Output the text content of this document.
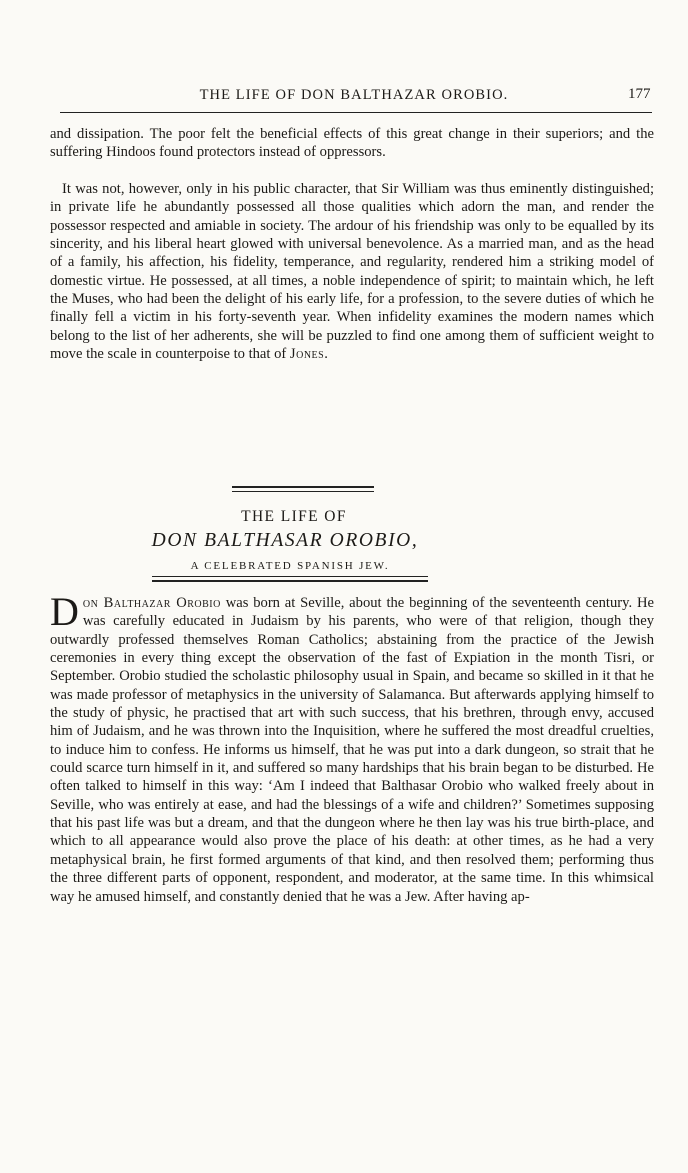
THE LIFE OF DON BALTHAZAR OROBIO.	177

and dissipation. The poor felt the beneficial effects of this great change in their superiors; and the suffering Hindoos found protectors instead of oppressors.

It was not, however, only in his public character, that Sir William was thus eminently distinguished; in private life he abundantly possessed all those qualities which adorn the man, and render the possessor respected and amiable in society. The ardour of his friendship was only to be equalled by its sincerity, and his liberal heart glowed with universal benevolence. As a married man, and as the head of a family, his affection, his fidelity, temperance, and regularity, rendered him a striking model of domestic virtue. He possessed, at all times, a noble independence of spirit; to maintain which, he left the Muses, who had been the delight of his early life, for a profession, to the severe duties of which he finally fell a victim in his forty-seventh year. When infidelity examines the modern names which belong to the list of her adherents, she will be puzzled to find one among them of sufficient weight to move the scale in counterpoise to that of Jones.

THE LIFE OF
DON BALTHASAR OROBIO,
A CELEBRATED SPANISH JEW.

Don Balthazar Orobio was born at Seville, about the beginning of the seventeenth century. He was carefully educated in Judaism by his parents, who were of that religion, though they outwardly professed themselves Roman Catholics; abstaining from the practice of the Jewish ceremonies in every thing except the observation of the fast of Expiation in the month Tisri, or September. Orobio studied the scholastic philosophy usual in Spain, and became so skilled in it that he was made professor of metaphysics in the university of Salamanca. But afterwards applying himself to the study of physic, he practised that art with such success, that his brethren, through envy, accused him of Judaism, and he was thrown into the Inquisition, where he suffered the most dreadful cruelties, to induce him to confess. He informs us himself, that he was put into a dark dungeon, so strait that he could scarce turn himself in it, and suffered so many hardships that his brain began to be disturbed. He often talked to himself in this way: ‘Am I indeed that Balthasar Orobio who walked freely about in Seville, who was entirely at ease, and had the blessings of a wife and children?’ Sometimes supposing that his past life was but a dream, and that the dungeon where he then lay was his true birth-place, and which to all appearance would also prove the place of his death: at other times, as he had a very metaphysical brain, he first formed arguments of that kind, and then resolved them; performing thus the three different parts of opponent, respondent, and moderator, at the same time. In this whimsical way he amused himself, and constantly denied that he was a Jew. After having ap-
